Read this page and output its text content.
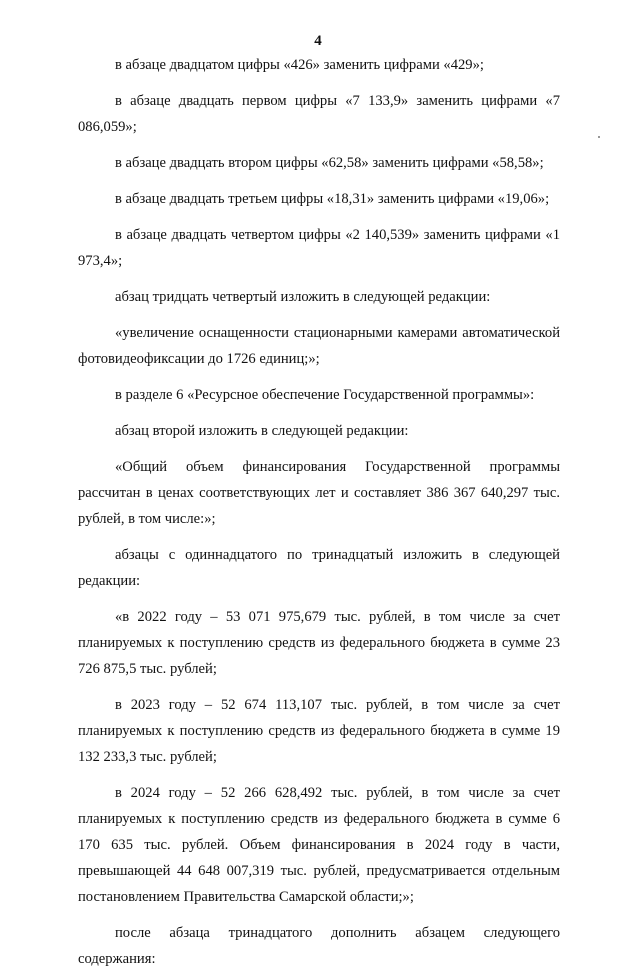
4

в абзаце двадцатом цифры «426» заменить цифрами «429»;

в абзаце двадцать первом цифры «7 133,9» заменить цифрами «7 086,059»;

в абзаце двадцать втором цифры «62,58» заменить цифрами «58,58»;

в абзаце двадцать третьем цифры «18,31» заменить цифрами «19,06»;

в абзаце двадцать четвертом цифры «2 140,539» заменить цифрами «1 973,4»;

абзац тридцать четвертый изложить в следующей редакции:

«увеличение оснащенности стационарными камерами автоматической фотовидеофиксации до 1726 единиц;»;

в разделе 6 «Ресурсное обеспечение Государственной программы»:

абзац второй изложить в следующей редакции:

«Общий объем финансирования Государственной программы рассчитан в ценах соответствующих лет и составляет 386 367 640,297 тыс. рублей, в том числе:»;

абзацы с одиннадцатого по тринадцатый изложить в следующей редакции:

«в 2022 году – 53 071 975,679 тыс. рублей, в том числе за счет планируемых к поступлению средств из федерального бюджета в сумме 23 726 875,5 тыс. рублей;

в 2023 году – 52 674 113,107 тыс. рублей, в том числе за счет планируемых к поступлению средств из федерального бюджета в сумме 19 132 233,3 тыс. рублей;

в 2024 году – 52 266 628,492 тыс. рублей, в том числе за счет планируемых к поступлению средств из федерального бюджета в сумме 6 170 635 тыс. рублей. Объем финансирования в 2024 году в части, превышающей 44 648 007,319 тыс. рублей, предусматривается отдельным постановлением Правительства Самарской области;»;

после абзаца тринадцатого дополнить абзацем следующего содержания:
